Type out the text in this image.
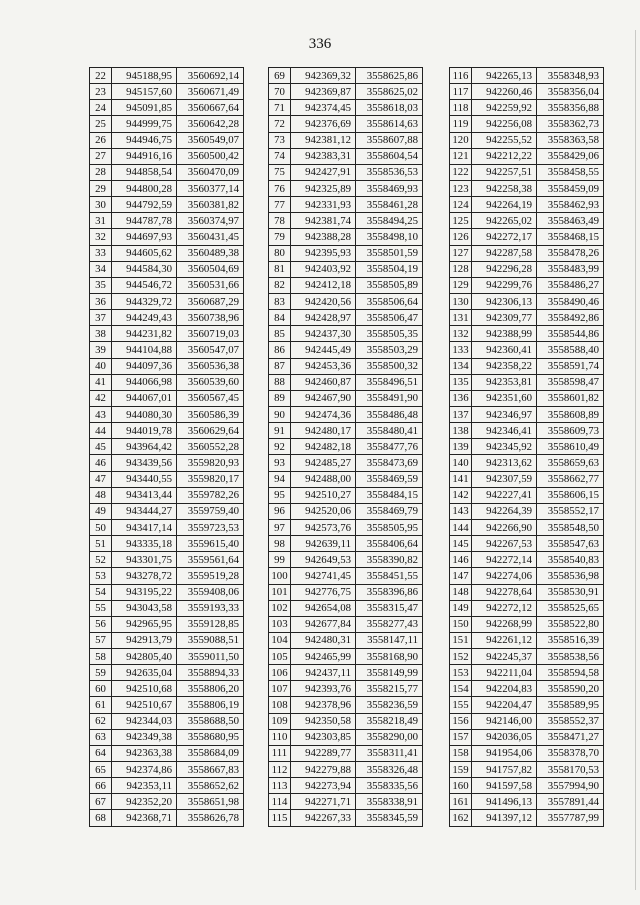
336
22	945188,95	3560692,14
23	945157,60	3560671,49
24	945091,85	3560667,64
25	944999,75	3560642,28
26	944946,75	3560549,07
27	944916,16	3560500,42
28	944858,54	3560470,09
29	944800,28	3560377,14
30	944792,59	3560381,82
31	944787,78	3560374,97
32	944697,93	3560431,45
33	944605,62	3560489,38
34	944584,30	3560504,69
35	944546,72	3560531,66
36	944329,72	3560687,29
37	944249,43	3560738,96
38	944231,82	3560719,03
39	944104,88	3560547,07
40	944097,36	3560536,38
41	944066,98	3560539,60
42	944067,01	3560567,45
43	944080,30	3560586,39
44	944019,78	3560629,64
45	943964,42	3560552,28
46	943439,56	3559820,93
47	943440,55	3559820,17
48	943413,44	3559782,26
49	943444,27	3559759,40
50	943417,14	3559723,53
51	943335,18	3559615,40
52	943301,75	3559561,64
53	943278,72	3559519,28
54	943195,22	3559408,06
55	943043,58	3559193,33
56	942965,95	3559128,85
57	942913,79	3559088,51
58	942805,40	3559011,50
59	942635,04	3558894,33
60	942510,68	3558806,20
61	942510,67	3558806,19
62	942344,03	3558688,50
63	942349,38	3558680,95
64	942363,38	3558684,09
65	942374,86	3558667,83
66	942353,11	3558652,62
67	942352,20	3558651,98
68	942368,71	3558626,78
69	942369,32	3558625,86
70	942369,87	3558625,02
71	942374,45	3558618,03
72	942376,69	3558614,63
73	942381,12	3558607,88
74	942383,31	3558604,54
75	942427,91	3558536,53
76	942325,89	3558469,93
77	942331,93	3558461,28
78	942381,74	3558494,25
79	942388,28	3558498,10
80	942395,93	3558501,59
81	942403,92	3558504,19
82	942412,18	3558505,89
83	942420,56	3558506,64
84	942428,97	3558506,47
85	942437,30	3558505,35
86	942445,49	3558503,29
87	942453,36	3558500,32
88	942460,87	3558496,51
89	942467,90	3558491,90
90	942474,36	3558486,48
91	942480,17	3558480,41
92	942482,18	3558477,76
93	942485,27	3558473,69
94	942488,00	3558469,59
95	942510,27	3558484,15
96	942520,06	3558469,79
97	942573,76	3558505,95
98	942639,11	3558406,64
99	942649,53	3558390,82
100	942741,45	3558451,55
101	942776,75	3558396,86
102	942654,08	3558315,47
103	942677,84	3558277,43
104	942480,31	3558147,11
105	942465,99	3558168,90
106	942437,11	3558149,99
107	942393,76	3558215,77
108	942378,96	3558236,59
109	942350,58	3558218,49
110	942303,85	3558290,00
111	942289,77	3558311,41
112	942279,88	3558326,48
113	942273,94	3558335,56
114	942271,71	3558338,91
115	942267,33	3558345,59
116	942265,13	3558348,93
117	942260,46	3558356,04
118	942259,92	3558356,88
119	942256,08	3558362,73
120	942255,52	3558363,58
121	942212,22	3558429,06
122	942257,51	3558458,55
123	942258,38	3558459,09
124	942264,19	3558462,93
125	942265,02	3558463,49
126	942272,17	3558468,15
127	942287,58	3558478,26
128	942296,28	3558483,99
129	942299,76	3558486,27
130	942306,13	3558490,46
131	942309,77	3558492,86
132	942388,99	3558544,86
133	942360,41	3558588,40
134	942358,22	3558591,74
135	942353,81	3558598,47
136	942351,60	3558601,82
137	942346,97	3558608,89
138	942346,41	3558609,73
139	942345,92	3558610,49
140	942313,62	3558659,63
141	942307,59	3558662,77
142	942227,41	3558606,15
143	942264,39	3558552,17
144	942266,90	3558548,50
145	942267,53	3558547,63
146	942272,14	3558540,83
147	942274,06	3558536,98
148	942278,64	3558530,91
149	942272,12	3558525,65
150	942268,99	3558522,80
151	942261,12	3558516,39
152	942245,37	3558538,56
153	942211,04	3558594,58
154	942204,83	3558590,20
155	942204,47	3558589,95
156	942146,00	3558552,37
157	942036,05	3558471,27
158	941954,06	3558378,70
159	941757,82	3558170,53
160	941597,58	3557994,90
161	941496,13	3557891,44
162	941397,12	3557787,99
